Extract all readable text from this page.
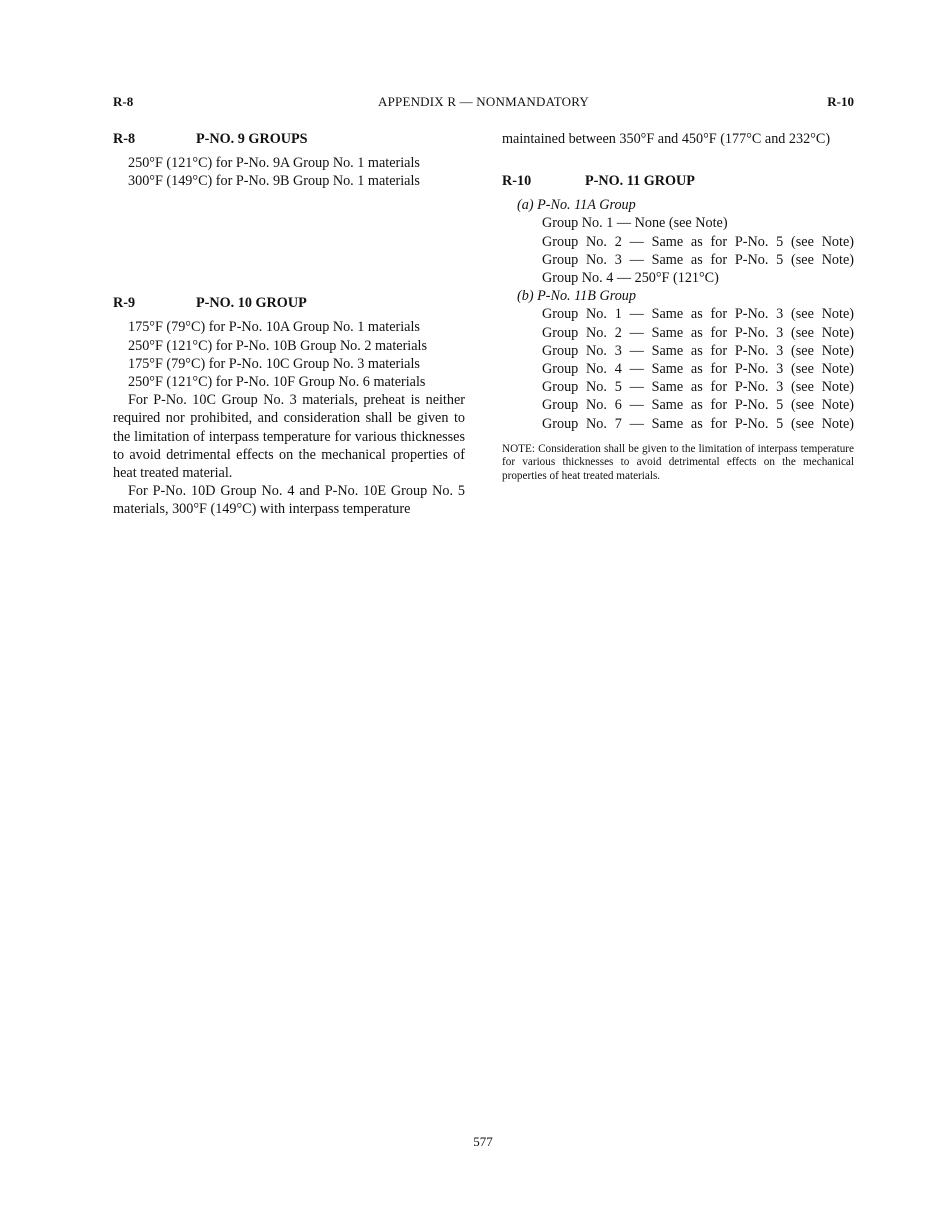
R-8	APPENDIX R — NONMANDATORY	R-10
R-8	P-NO. 9 GROUPS
250°F (121°C) for P-No. 9A Group No. 1 materials
300°F (149°C) for P-No. 9B Group No. 1 materials
R-9	P-NO. 10 GROUP
175°F (79°C) for P-No. 10A Group No. 1 materials
250°F (121°C) for P-No. 10B Group No. 2 materials
175°F (79°C) for P-No. 10C Group No. 3 materials
250°F (121°C) for P-No. 10F Group No. 6 materials

For P-No. 10C Group No. 3 materials, preheat is neither required nor prohibited, and consideration shall be given to the limitation of interpass temperature for various thicknesses to avoid detrimental effects on the mechanical properties of heat treated material.

For P-No. 10D Group No. 4 and P-No. 10E Group No. 5 materials, 300°F (149°C) with interpass temperature

maintained between 350°F and 450°F (177°C and 232°C)

R-10	P-NO. 11 GROUP
(a) P-No. 11A Group
Group No. 1 — None (see Note)
Group No. 2 — Same as for P-No. 5 (see Note)
Group No. 3 — Same as for P-No. 5 (see Note)
Group No. 4 — 250°F (121°C)
(b) P-No. 11B Group
Group No. 1 — Same as for P-No. 3 (see Note)
Group No. 2 — Same as for P-No. 3 (see Note)
Group No. 3 — Same as for P-No. 3 (see Note)
Group No. 4 — Same as for P-No. 3 (see Note)
Group No. 5 — Same as for P-No. 3 (see Note)
Group No. 6 — Same as for P-No. 5 (see Note)
Group No. 7 — Same as for P-No. 5 (see Note)
NOTE: Consideration shall be given to the limitation of interpass temperature for various thicknesses to avoid detrimental effects on the mechanical properties of heat treated materials.
577
